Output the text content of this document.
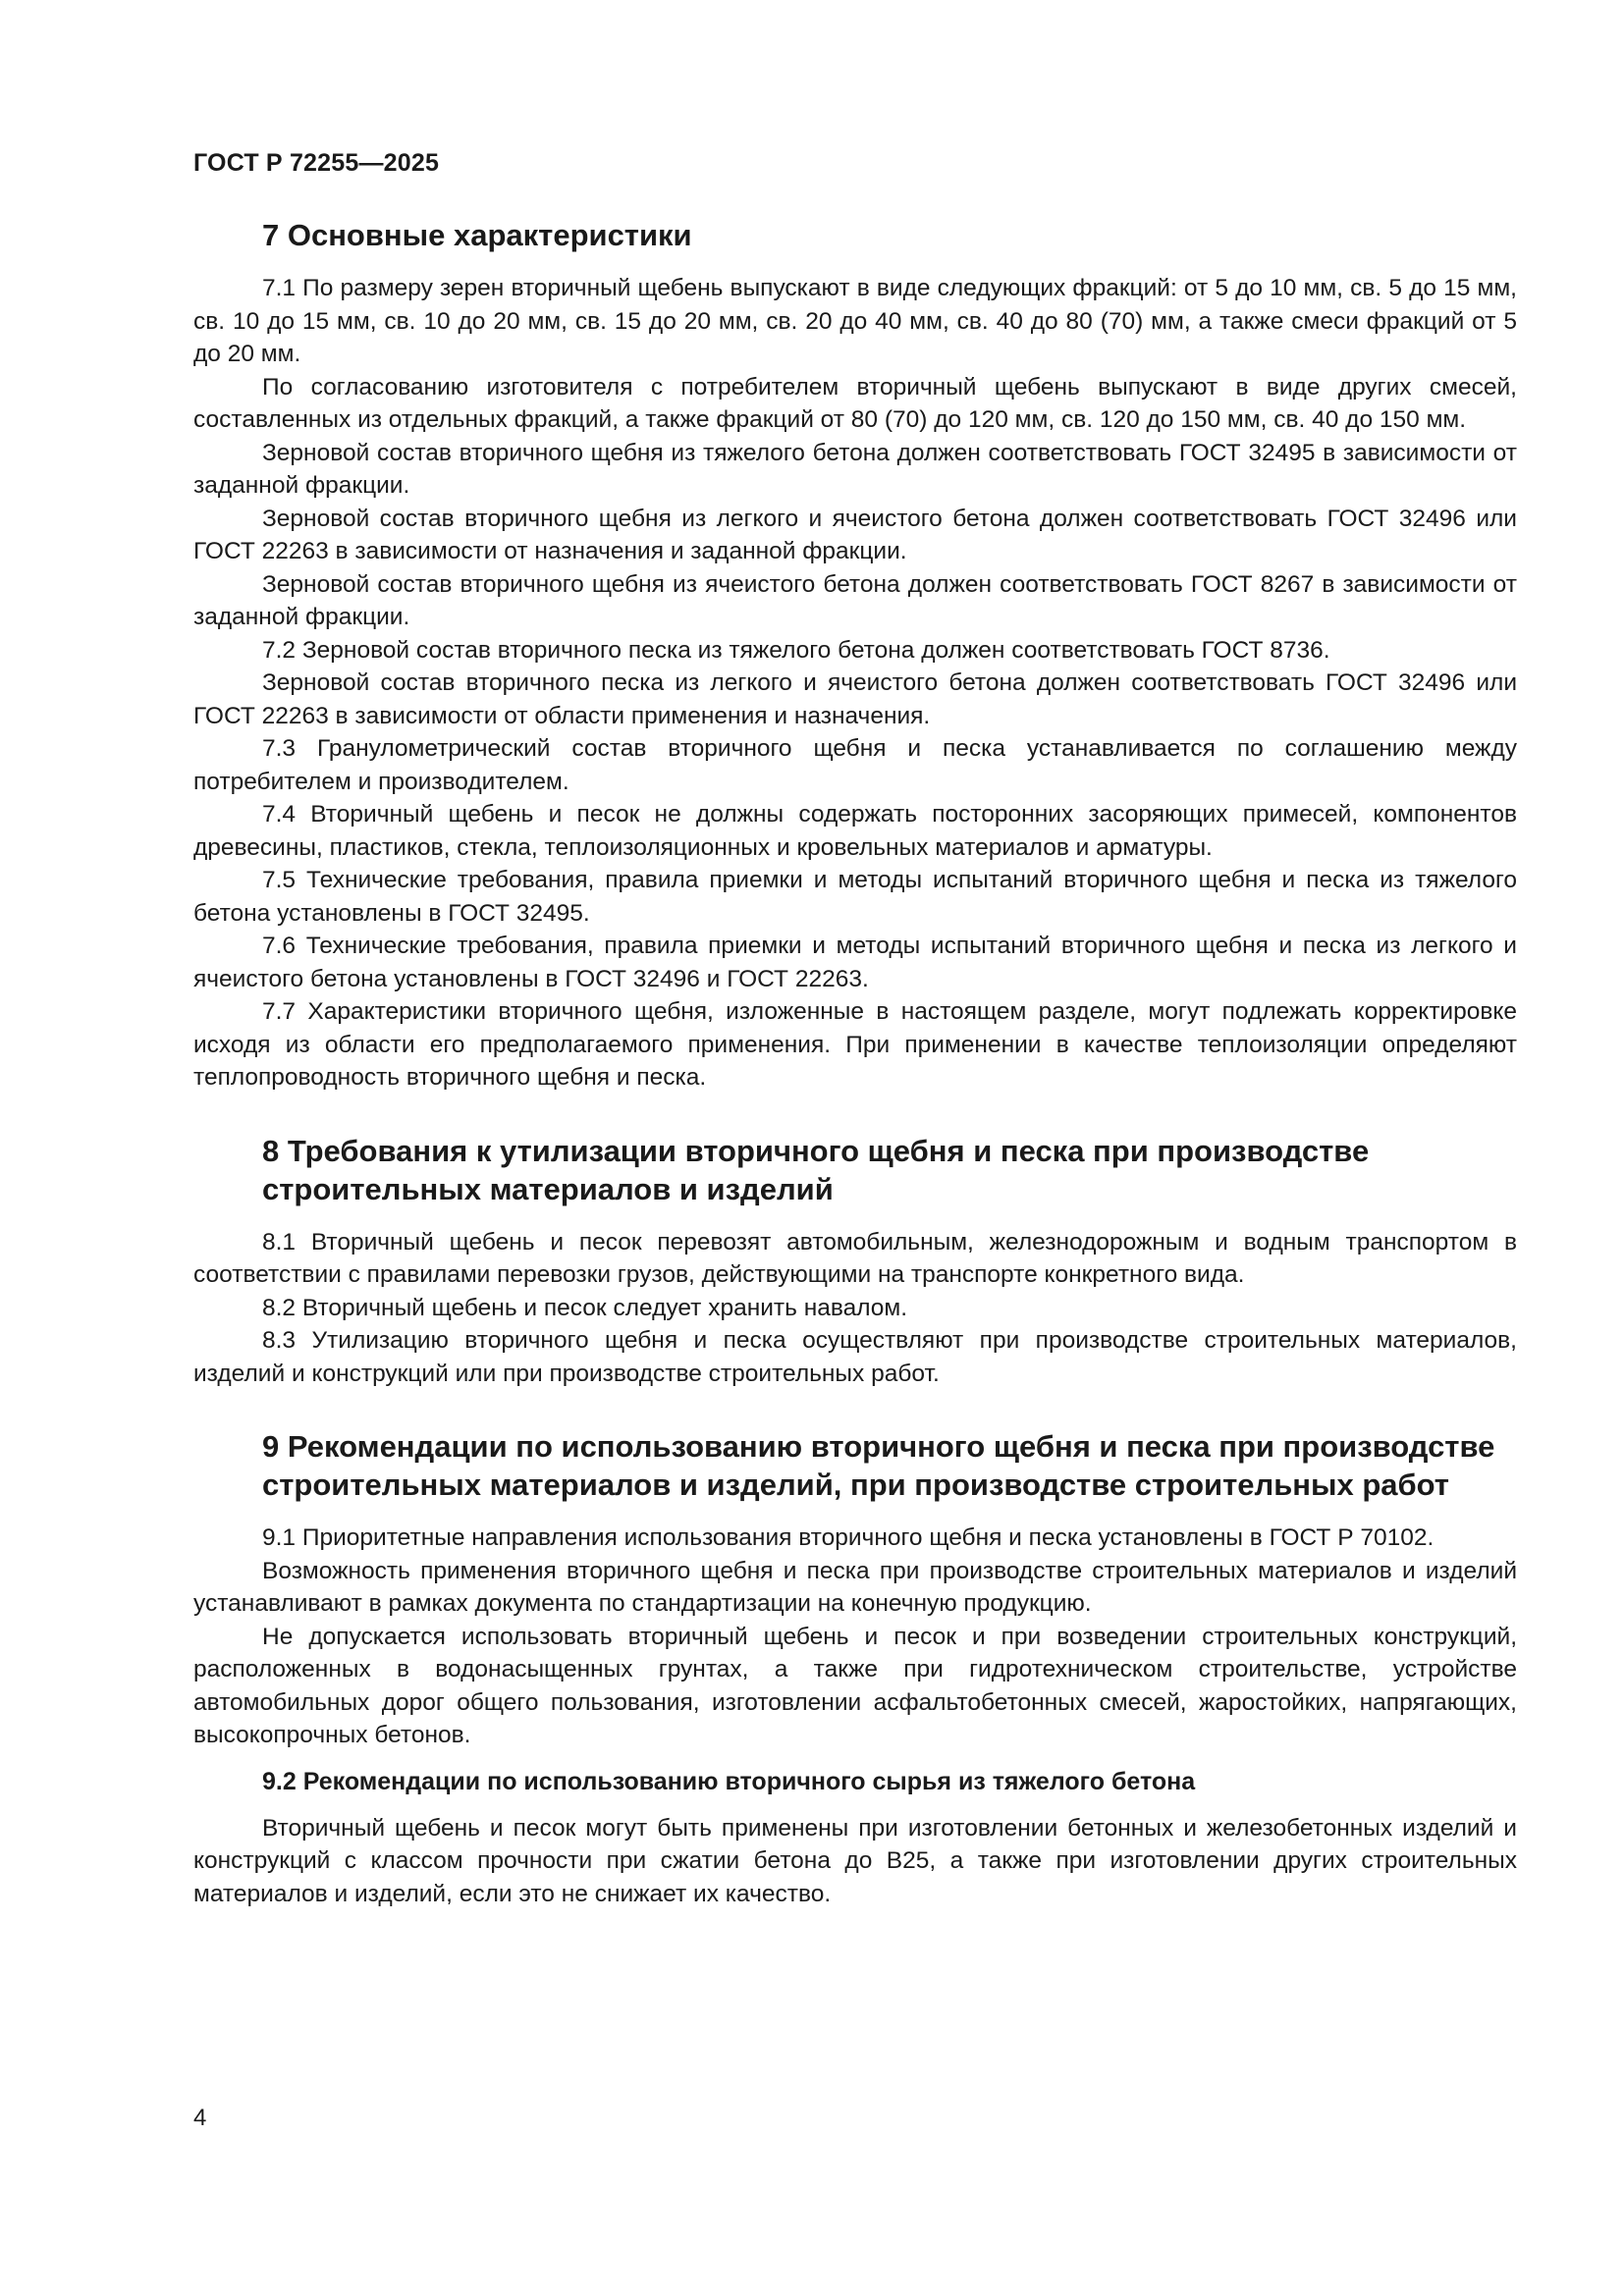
ГОСТ Р 72255—2025

7 Основные характеристики

7.1 По размеру зерен вторичный щебень выпускают в виде следующих фракций: от 5 до 10 мм, св. 5 до 15 мм, св. 10 до 15 мм, св. 10 до 20 мм, св. 15 до 20 мм, св. 20 до 40 мм, св. 40 до 80 (70) мм, а также смеси фракций от 5 до 20 мм.

По согласованию изготовителя с потребителем вторичный щебень выпускают в виде других смесей, составленных из отдельных фракций, а также фракций от 80 (70) до 120 мм, св. 120 до 150 мм, св. 40 до 150 мм.

Зерновой состав вторичного щебня из тяжелого бетона должен соответствовать ГОСТ 32495 в зависимости от заданной фракции.

Зерновой состав вторичного щебня из легкого и ячеистого бетона должен соответствовать ГОСТ 32496 или ГОСТ 22263 в зависимости от назначения и заданной фракции.

Зерновой состав вторичного щебня из ячеистого бетона должен соответствовать ГОСТ 8267 в зависимости от заданной фракции.

7.2 Зерновой состав вторичного песка из тяжелого бетона должен соответствовать ГОСТ 8736.

Зерновой состав вторичного песка из легкого и ячеистого бетона должен соответствовать ГОСТ 32496 или ГОСТ 22263 в зависимости от области применения и назначения.

7.3 Гранулометрический состав вторичного щебня и песка устанавливается по соглашению между потребителем и производителем.

7.4 Вторичный щебень и песок не должны содержать посторонних засоряющих примесей, компонентов древесины, пластиков, стекла, теплоизоляционных и кровельных материалов и арматуры.

7.5 Технические требования, правила приемки и методы испытаний вторичного щебня и песка из тяжелого бетона установлены в ГОСТ 32495.

7.6 Технические требования, правила приемки и методы испытаний вторичного щебня и песка из легкого и ячеистого бетона установлены в ГОСТ 32496 и ГОСТ 22263.

7.7 Характеристики вторичного щебня, изложенные в настоящем разделе, могут подлежать корректировке исходя из области его предполагаемого применения. При применении в качестве теплоизоляции определяют теплопроводность вторичного щебня и песка.

8 Требования к утилизации вторичного щебня и песка при производстве строительных материалов и изделий

8.1 Вторичный щебень и песок перевозят автомобильным, железнодорожным и водным транспортом в соответствии с правилами перевозки грузов, действующими на транспорте конкретного вида.

8.2 Вторичный щебень и песок следует хранить навалом.

8.3 Утилизацию вторичного щебня и песка осуществляют при производстве строительных материалов, изделий и конструкций или при производстве строительных работ.

9 Рекомендации по использованию вторичного щебня и песка при производстве строительных материалов и изделий, при производстве строительных работ

9.1 Приоритетные направления использования вторичного щебня и песка установлены в ГОСТ Р 70102.

Возможность применения вторичного щебня и песка при производстве строительных материалов и изделий устанавливают в рамках документа по стандартизации на конечную продукцию.

Не допускается использовать вторичный щебень и песок и при возведении строительных конструкций, расположенных в водонасыщенных грунтах, а также при гидротехническом строительстве, устройстве автомобильных дорог общего пользования, изготовлении асфальтобетонных смесей, жаростойких, напрягающих, высокопрочных бетонов.

9.2 Рекомендации по использованию вторичного сырья из тяжелого бетона

Вторичный щебень и песок могут быть применены при изготовлении бетонных и железобетонных изделий и конструкций с классом прочности при сжатии бетона до В25, а также при изготовлении других строительных материалов и изделий, если это не снижает их качество.

4
